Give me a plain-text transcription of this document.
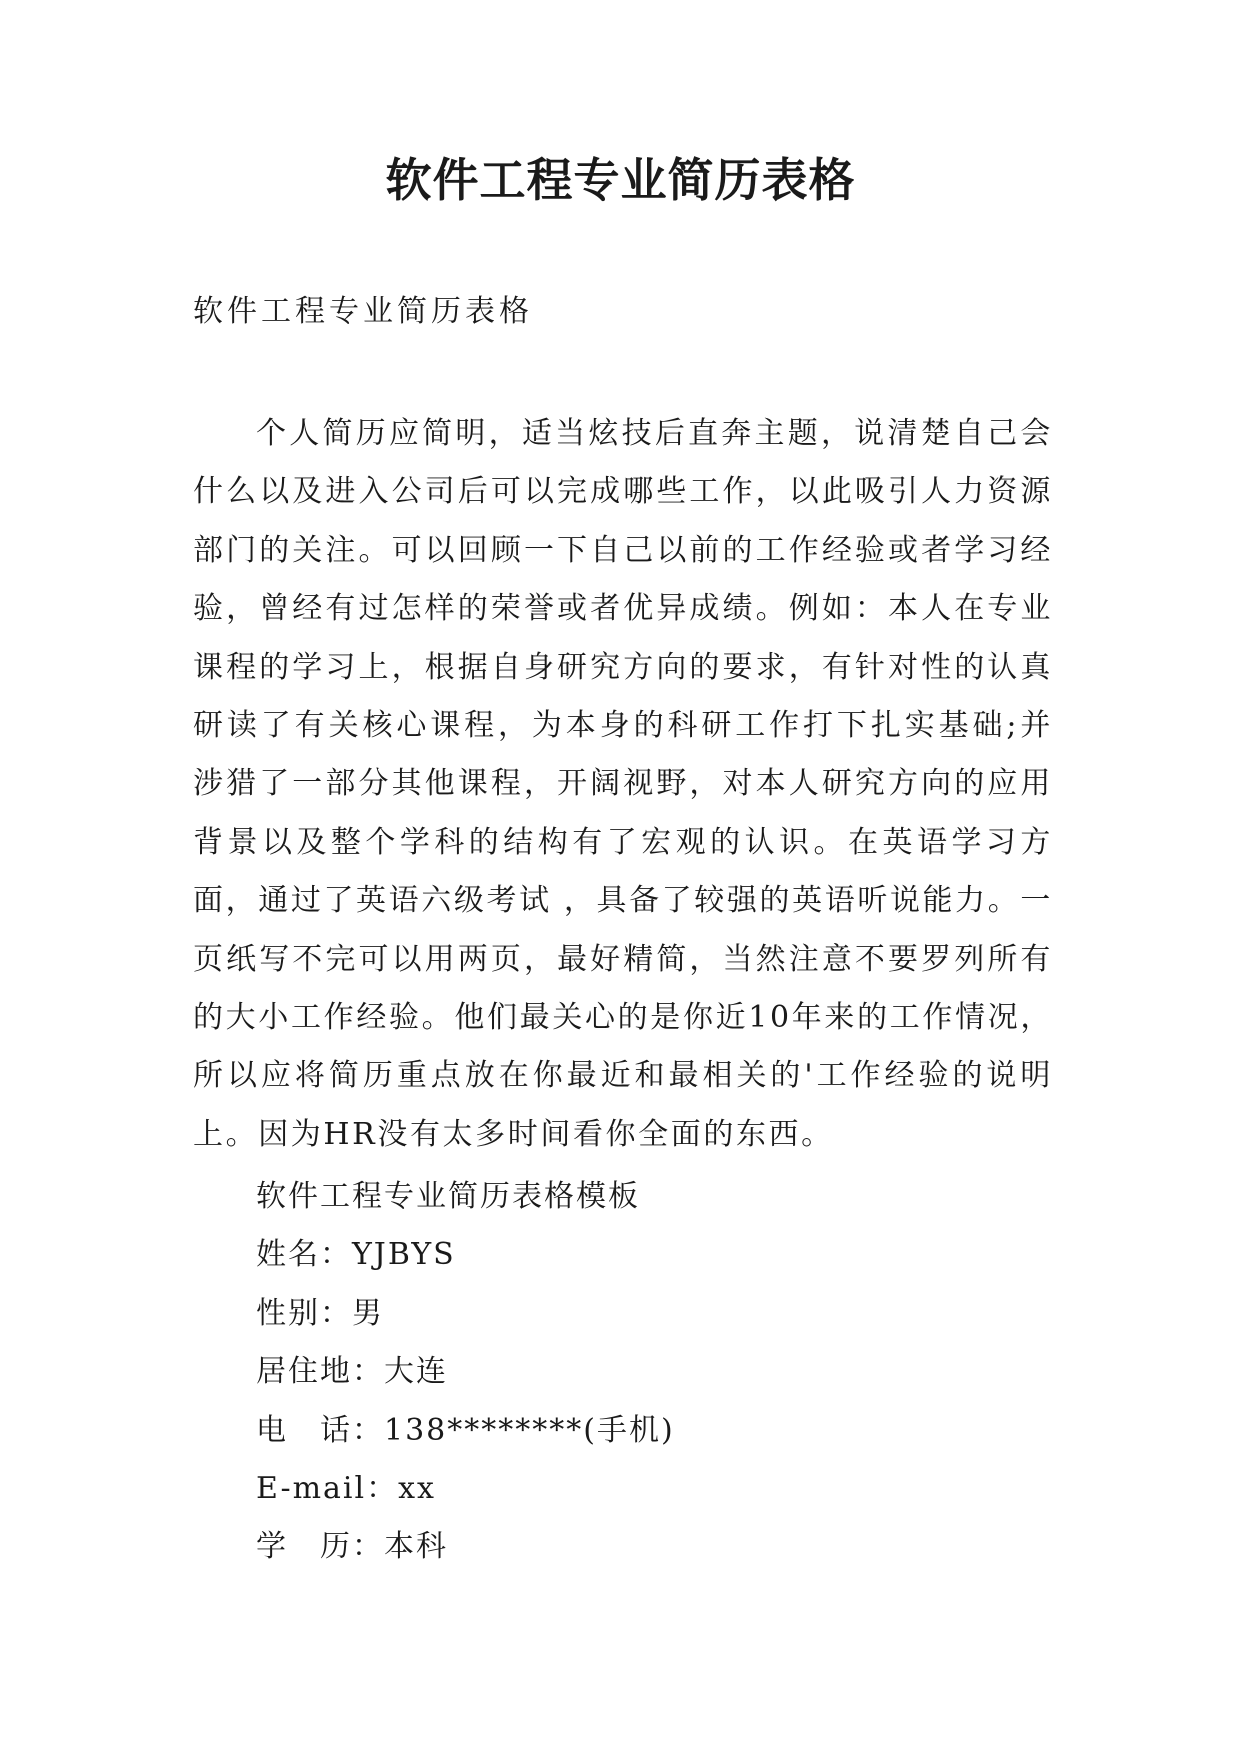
软件工程专业简历表格

软件工程专业简历表格

个人简历应简明，适当炫技后直奔主题，说清楚自己会什么以及进入公司后可以完成哪些工作，以此吸引人力资源部门的关注。可以回顾一下自己以前的工作经验或者学习经验，曾经有过怎样的荣誉或者优异成绩。例如：本人在专业课程的学习上，根据自身研究方向的要求，有针对性的认真研读了有关核心课程，为本身的科研工作打下扎实基础;并涉猎了一部分其他课程，开阔视野，对本人研究方向的应用背景以及整个学科的结构有了宏观的认识。在英语学习方面，通过了英语六级考试 ，具备了较强的英语听说能力。一页纸写不完可以用两页，最好精简，当然注意不要罗列所有的大小工作经验。他们最关心的是你近10年来的工作情况，所以应将简历重点放在你最近和最相关的'工作经验的说明上。因为HR没有太多时间看你全面的东西。

软件工程专业简历表格模板
姓名：YJBYS
性别：男
居住地：大连
电　话：138********(手机)
E-mail：xx
学　历：本科
